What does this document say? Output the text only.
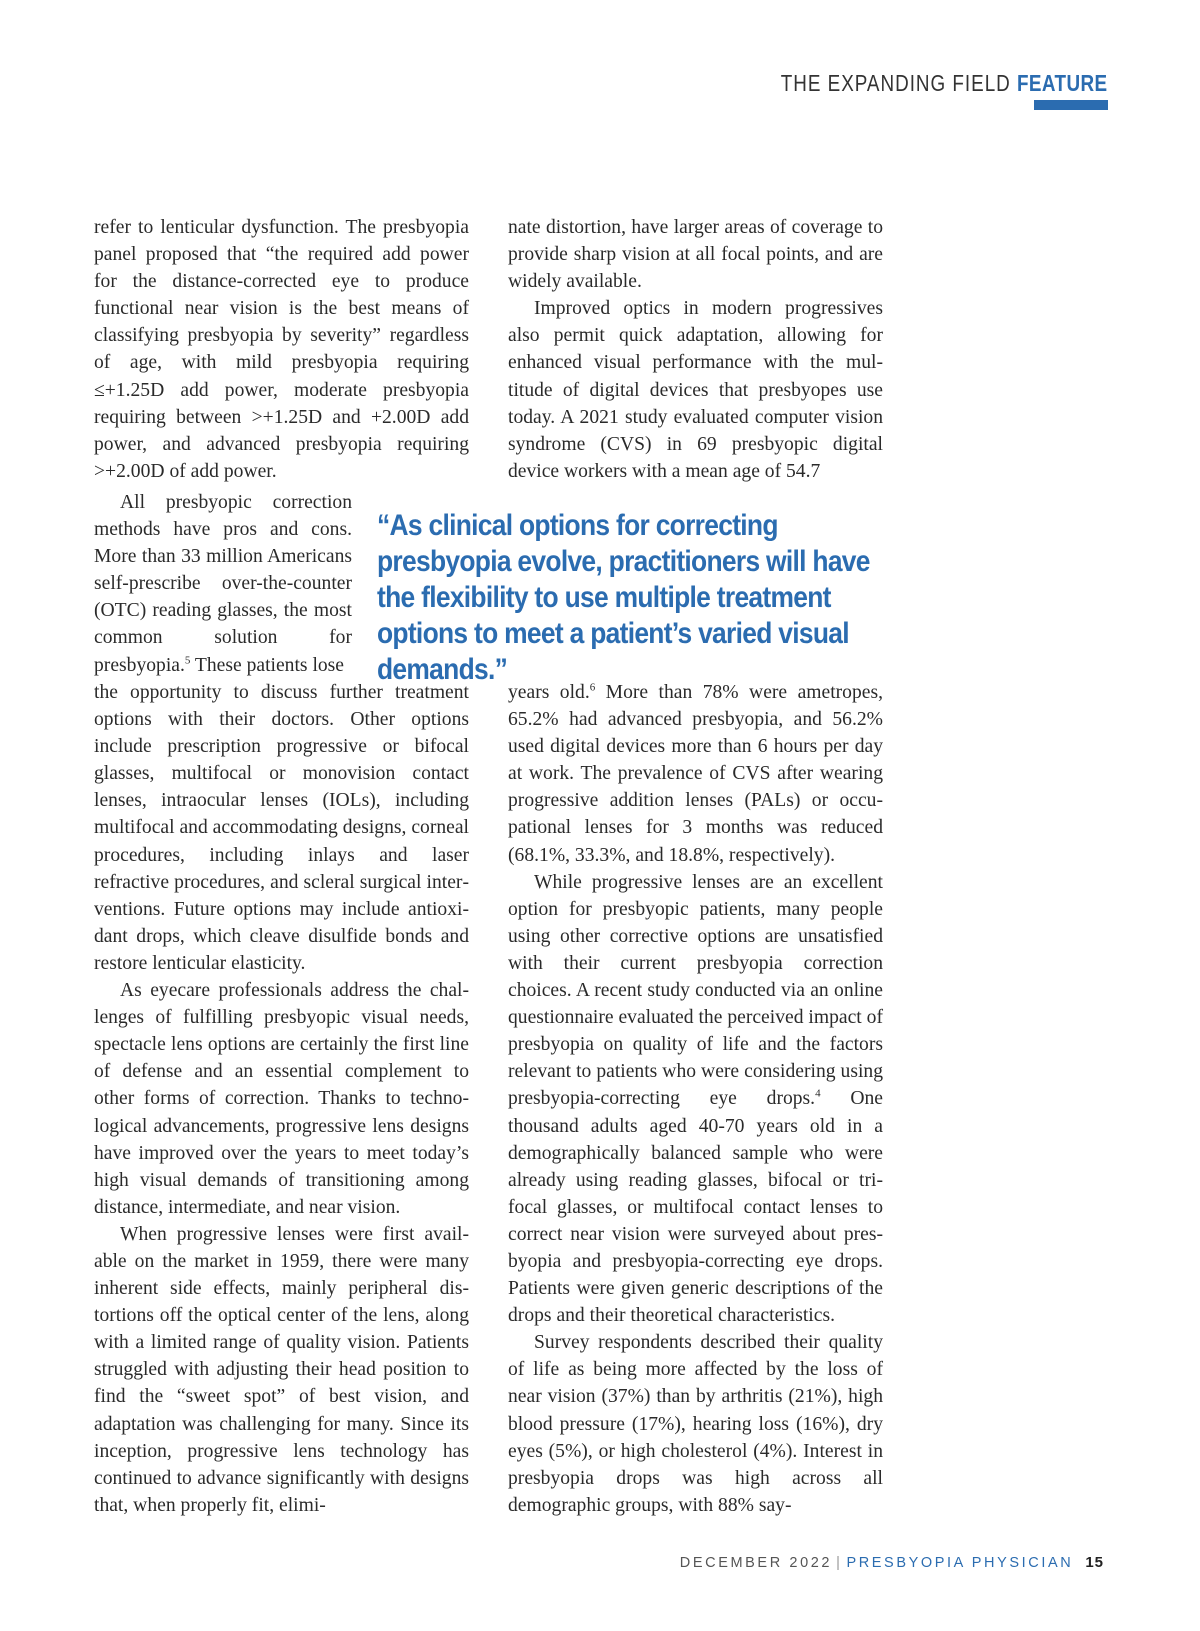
THE EXPANDING FIELD FEATURE

refer to lenticular dysfunction. The presbyopia panel proposed that “the required add power for the distance-corrected eye to produce functional near vision is the best means of classifying presbyopia by severity” regardless of age, with mild presbyopia requiring ≤+1.25D add power, moderate presbyopia requiring between >+1.25D and +2.00D add power, and advanced presbyopia requiring >+2.00D of add power.

All presbyopic correction methods have pros and cons. More than 33 million Americans self-prescribe over-the-counter (OTC) reading glasses, the most common solution for presbyopia.$^5$ These patients lose

“As clinical options for correcting presbyopia evolve, practitioners will have the flexibility to use multiple treatment options to meet a patient’s varied visual demands.”

the opportunity to discuss further treatment options with their doctors. Other options include prescription progressive or bifocal glasses, multifocal or monovision contact lenses, intraocular lenses (IOLs), including multifocal and accommodating designs, corneal procedures, including inlays and laser refractive procedures, and scleral surgical interventions. Future options may include antioxidant drops, which cleave disulfide bonds and restore lenticular elasticity.

As eyecare professionals address the challenges of fulfilling presbyopic visual needs, spectacle lens options are certainly the first line of defense and an essential complement to other forms of correction. Thanks to technological advancements, progressive lens designs have improved over the years to meet today’s high visual demands of transitioning among distance, intermediate, and near vision.

When progressive lenses were first available on the market in 1959, there were many inherent side effects, mainly peripheral distortions off the optical center of the lens, along with a limited range of quality vision. Patients struggled with adjusting their head position to find the “sweet spot” of best vision, and adaptation was challenging for many. Since its inception, progressive lens technology has continued to advance significantly with designs that, when properly fit, elimi-

nate distortion, have larger areas of coverage to provide sharp vision at all focal points, and are widely available.

Improved optics in modern progressives also permit quick adaptation, allowing for enhanced visual performance with the multitude of digital devices that presbyopes use today. A 2021 study evaluated computer vision syndrome (CVS) in 69 presbyopic digital device workers with a mean age of 54.7

years old.$^6$ More than 78% were ametropes, 65.2% had advanced presbyopia, and 56.2% used digital devices more than 6 hours per day at work. The prevalence of CVS after wearing progressive addition lenses (PALs) or occupational lenses for 3 months was reduced (68.1%, 33.3%, and 18.8%, respectively).

While progressive lenses are an excellent option for presbyopic patients, many people using other corrective options are unsatisfied with their current presbyopia correction choices. A recent study conducted via an online questionnaire evaluated the perceived impact of presbyopia on quality of life and the factors relevant to patients who were considering using presbyopia-correcting eye drops.$^4$ One thousand adults aged 40-70 years old in a demographically balanced sample who were already using reading glasses, bifocal or trifocal glasses, or multifocal contact lenses to correct near vision were surveyed about presbyopia and presbyopia-correcting eye drops. Patients were given generic descriptions of the drops and their theoretical characteristics.

Survey respondents described their quality of life as being more affected by the loss of near vision (37%) than by arthritis (21%), high blood pressure (17%), hearing loss (16%), dry eyes (5%), or high cholesterol (4%). Interest in presbyopia drops was high across all demographic groups, with 88% say-

DECEMBER 2022 | PRESBYOPIA PHYSICIAN 15
